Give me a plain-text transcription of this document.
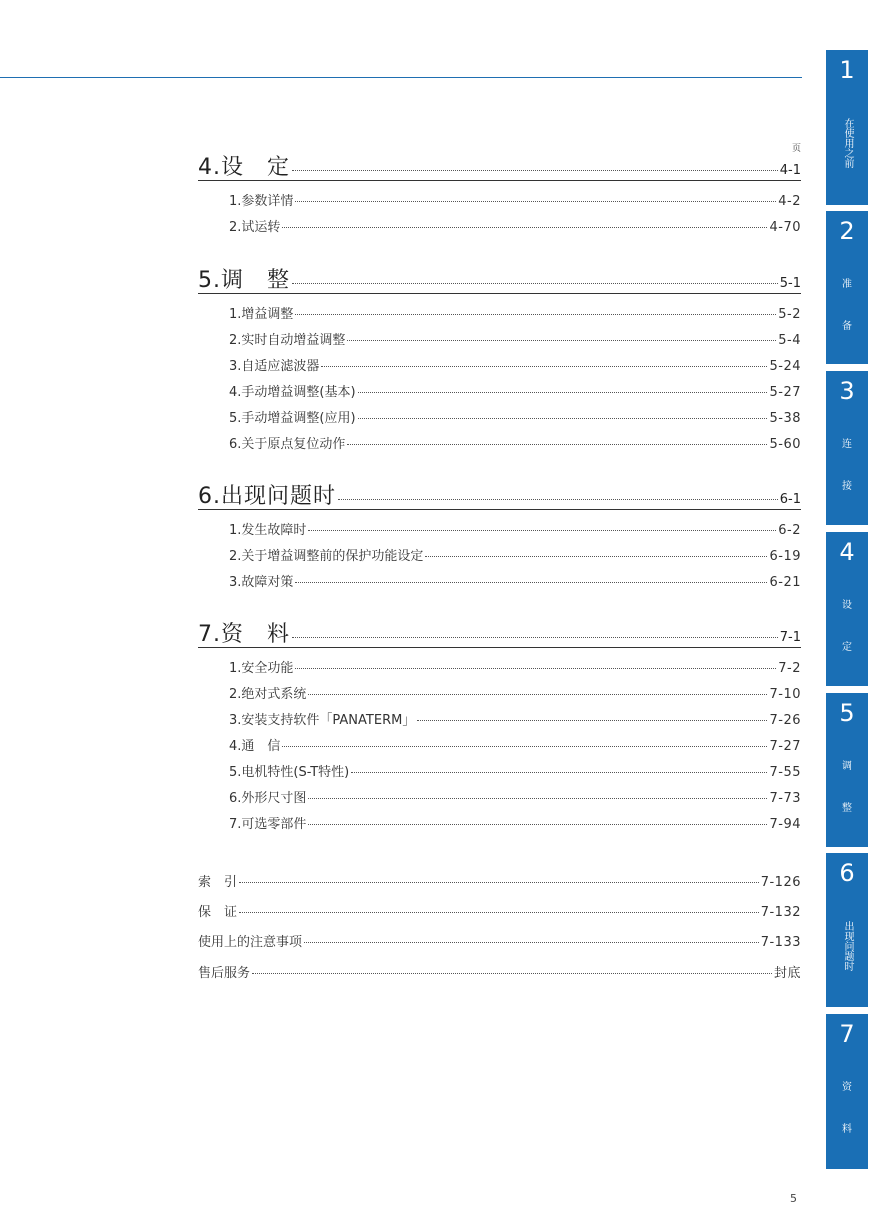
页
4.设　定	4-1
1.参数详情	4-2
2.试运转	4-70
5.调　整	5-1
1.增益调整	5-2
2.实时自动增益调整	5-4
3.自适应滤波器	5-24
4.手动增益调整(基本)	5-27
5.手动增益调整(应用)	5-38
6.关于原点复位动作	5-60
6.出现问题时	6-1
1.发生故障时	6-2
2.关于增益调整前的保护功能设定	6-19
3.故障对策	6-21
7.资　料	7-1
1.安全功能	7-2
2.绝对式系统	7-10
3.安装支持软件「PANATERM」	7-26
4.通　信	7-27
5.电机特性(S-T特性)	7-55
6.外形尺寸图	7-73
7.可选零部件	7-94
索　引	7-126
保　证	7-132
使用上的注意事项	7-133
售后服务	封底
5
1
在使用之前
2
准
备
3
连
接
4
设
定
5
调
整
6
出现问题时
7
资
料
